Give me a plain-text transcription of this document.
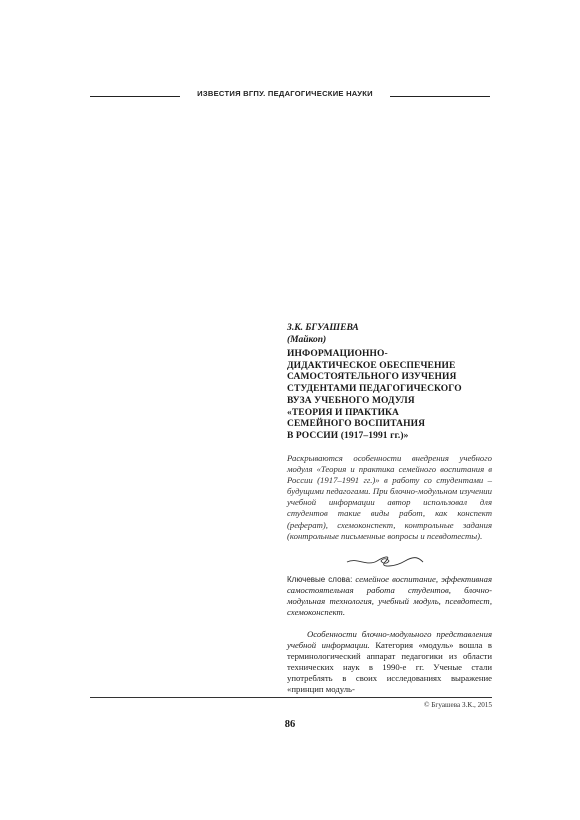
ИЗВЕСТИЯ ВГПУ. ПЕДАГОГИЧЕСКИЕ НАУКИ
З.К. БГУАШЕВА
(Майкоп)
ИНФОРМАЦИОННО-
ДИДАКТИЧЕСКОЕ ОБЕСПЕЧЕНИЕ
САМОСТОЯТЕЛЬНОГО ИЗУЧЕНИЯ
СТУДЕНТАМИ ПЕДАГОГИЧЕСКОГО
ВУЗА УЧЕБНОГО МОДУЛЯ
«ТЕОРИЯ И ПРАКТИКА
СЕМЕЙНОГО ВОСПИТАНИЯ
В РОССИИ (1917–1991 гг.)»
Раскрываются особенности внедрения учебного модуля «Теория и практика семейного воспитания в России (1917–1991 гг.)» в работу со студентами – будущими педагогами. При блочно-модульном изучении учебной информации автор использовал для студентов такие виды работ, как конспект (реферат), схемоконспект, контрольные задания (контрольные письменные вопросы и псевдотесты).
Ключевые слова: семейное воспитание, эффективная самостоятельная работа студентов, блочно-модульная технология, учебный модуль, псевдотест, схемоконспект.
Особенности блочно-модульного представления учебной информации. Категория «модуль» вошла в терминологический аппарат педагогики из области технических наук в 1990-е гг. Ученые стали употреблять в своих исследованиях выражение «принцип модуль-
© Бгуашева З.К., 2015
86
